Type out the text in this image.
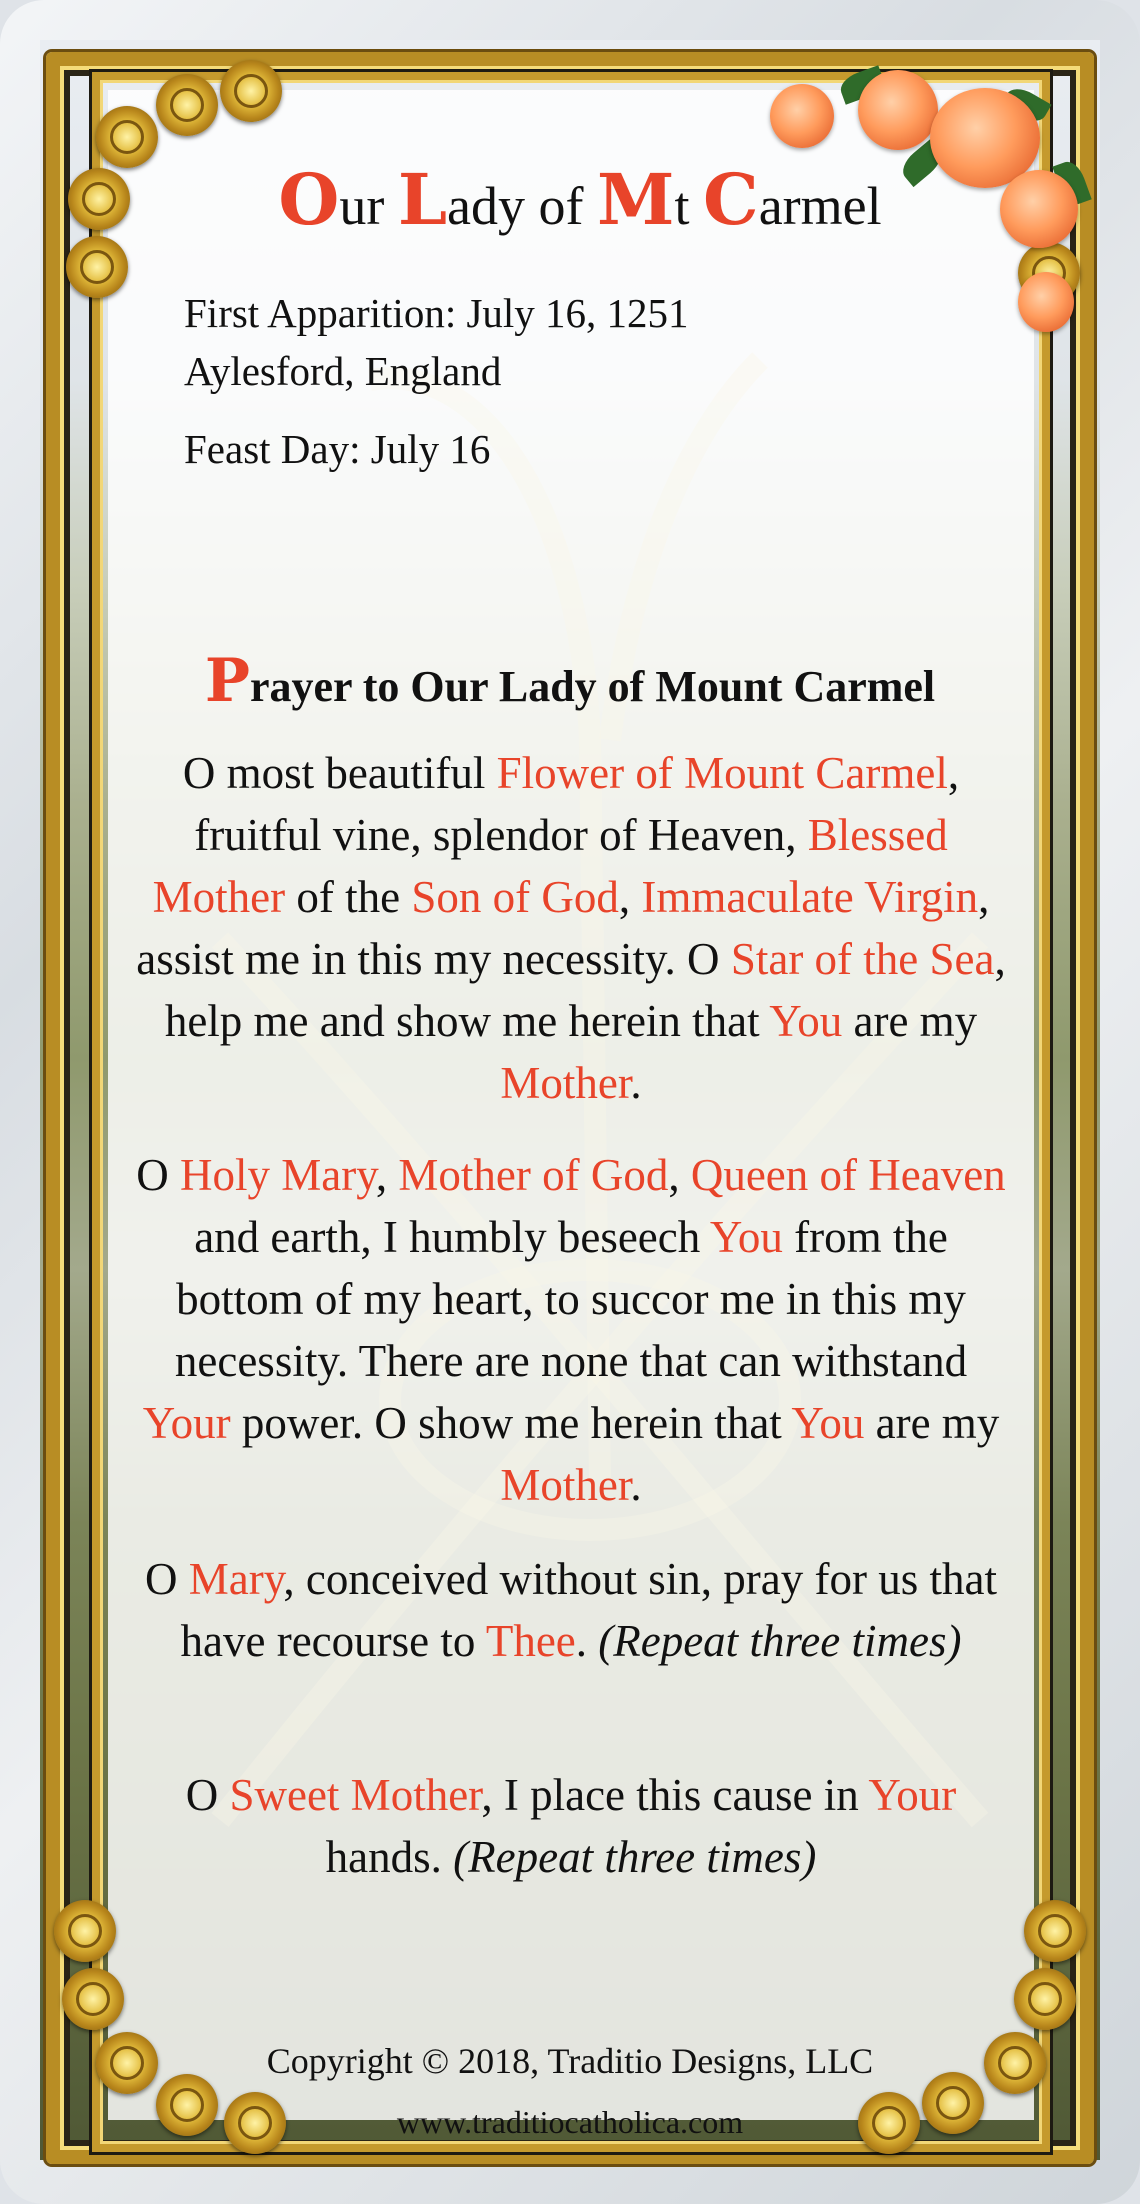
Our Lady of Mt Carmel
First Apparition: July 16, 1251
Aylesford, England
Feast Day: July 16
Prayer to Our Lady of Mount Carmel
O most beautiful Flower of Mount Carmel, fruitful vine, splendor of Heaven, Blessed Mother of the Son of God, Immaculate Virgin, assist me in this my necessity. O Star of the Sea, help me and show me herein that You are my Mother.
O Holy Mary, Mother of God, Queen of Heaven and earth, I humbly beseech You from the bottom of my heart, to succor me in this my necessity. There are none that can withstand Your power. O show me herein that You are my Mother.
O Mary, conceived without sin, pray for us that have recourse to Thee. (Repeat three times)
O Sweet Mother, I place this cause in Your hands. (Repeat three times)
Copyright © 2018, Traditio Designs, LLC
www.traditiocatholica.com
